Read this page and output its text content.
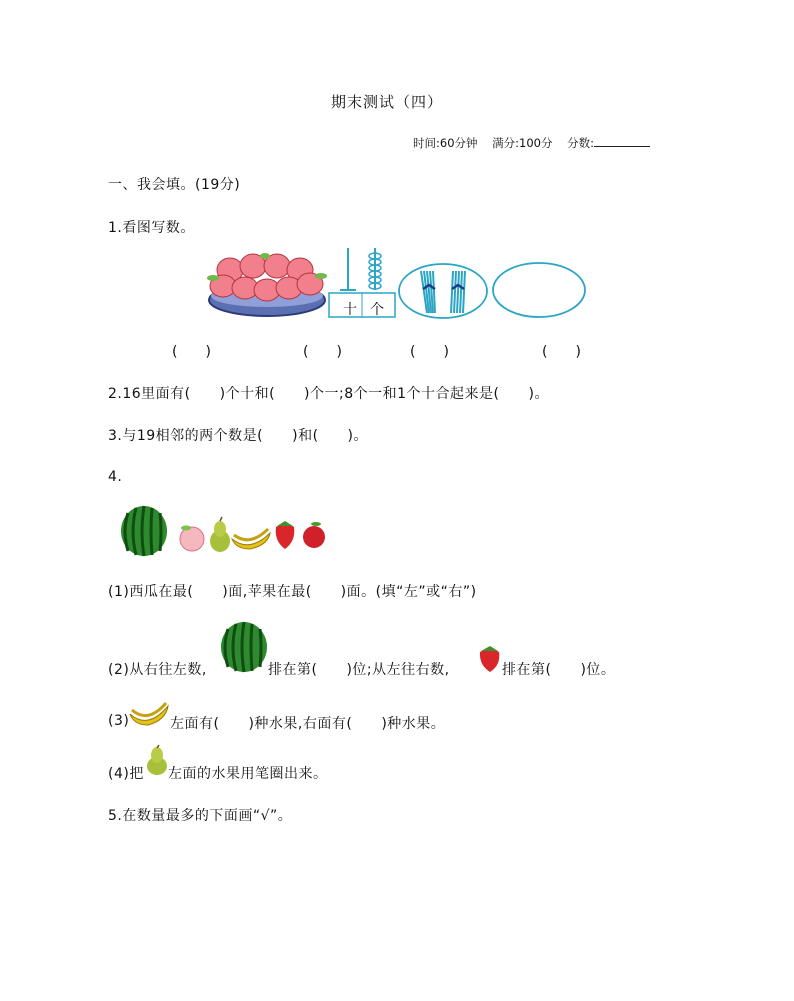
期末测试（四）
时间:60分钟 满分:100分 分数:
一、我会填。(19分)
1.看图写数。
十 个
(　　)	(　　)	(　　)	(　　)
2.16里面有(　　)个十和(　　)个一;8个一和1个十合起来是(　　)。
3.与19相邻的两个数是(　　)和(　　)。
4.
(1)西瓜在最(　　)面,苹果在最(　　)面。(填“左”或“右”)
(2)从右往左数,	排在第(　　)位;从左往右数,	排在第(　　)位。
(3)	左面有(　　)种水果,右面有(　　)种水果。
(4)把 左面的水果用笔圈出来。
5.在数量最多的下面画“√”。
